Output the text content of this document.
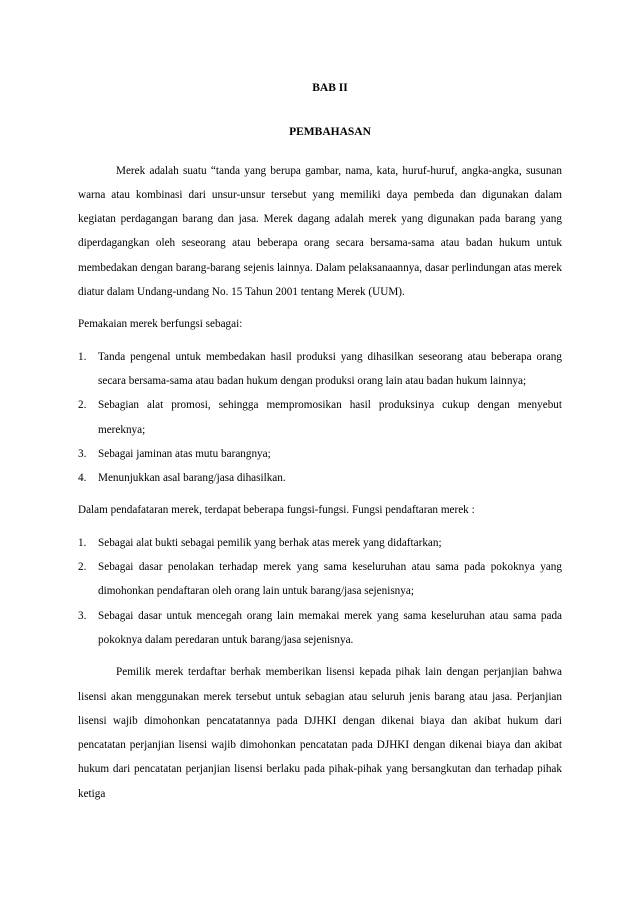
BAB II

PEMBAHASAN

Merek adalah suatu “tanda yang berupa gambar, nama, kata, huruf-huruf, angka-angka, susunan warna atau kombinasi dari unsur-unsur tersebut yang memiliki daya pembeda dan digunakan dalam kegiatan perdagangan barang dan jasa. Merek dagang adalah merek yang digunakan pada barang yang diperdagangkan oleh seseorang atau beberapa orang secara bersama-sama atau badan hukum untuk membedakan dengan barang-barang sejenis lainnya. Dalam pelaksanaannya, dasar perlindungan atas merek diatur dalam Undang-undang No. 15 Tahun 2001 tentang Merek (UUM).

Pemakaian merek berfungsi sebagai:

1. Tanda pengenal untuk membedakan hasil produksi yang dihasilkan seseorang atau beberapa orang secara bersama-sama atau badan hukum dengan produksi orang lain atau badan hukum lainnya;
2. Sebagian alat promosi, sehingga mempromosikan hasil produksinya cukup dengan menyebut mereknya;
3. Sebagai jaminan atas mutu barangnya;
4. Menunjukkan asal barang/jasa dihasilkan.

Dalam pendafataran merek, terdapat beberapa fungsi-fungsi. Fungsi pendaftaran merek :

1. Sebagai alat bukti sebagai pemilik yang berhak atas merek yang didaftarkan;
2. Sebagai dasar penolakan terhadap merek yang sama keseluruhan atau sama pada pokoknya yang dimohonkan pendaftaran oleh orang lain untuk barang/jasa sejenisnya;
3. Sebagai dasar untuk mencegah orang lain memakai merek yang sama keseluruhan atau sama pada pokoknya dalam peredaran untuk barang/jasa sejenisnya.

Pemilik merek terdaftar berhak memberikan lisensi kepada pihak lain dengan perjanjian bahwa lisensi akan menggunakan merek tersebut untuk sebagian atau seluruh jenis barang atau jasa. Perjanjian lisensi wajib dimohonkan pencatatannya pada DJHKI dengan dikenai biaya dan akibat hukum dari pencatatan perjanjian lisensi wajib dimohonkan pencatatan pada DJHKI dengan dikenai biaya dan akibat hukum dari pencatatan perjanjian lisensi berlaku pada pihak-pihak yang bersangkutan dan terhadap pihak ketiga
